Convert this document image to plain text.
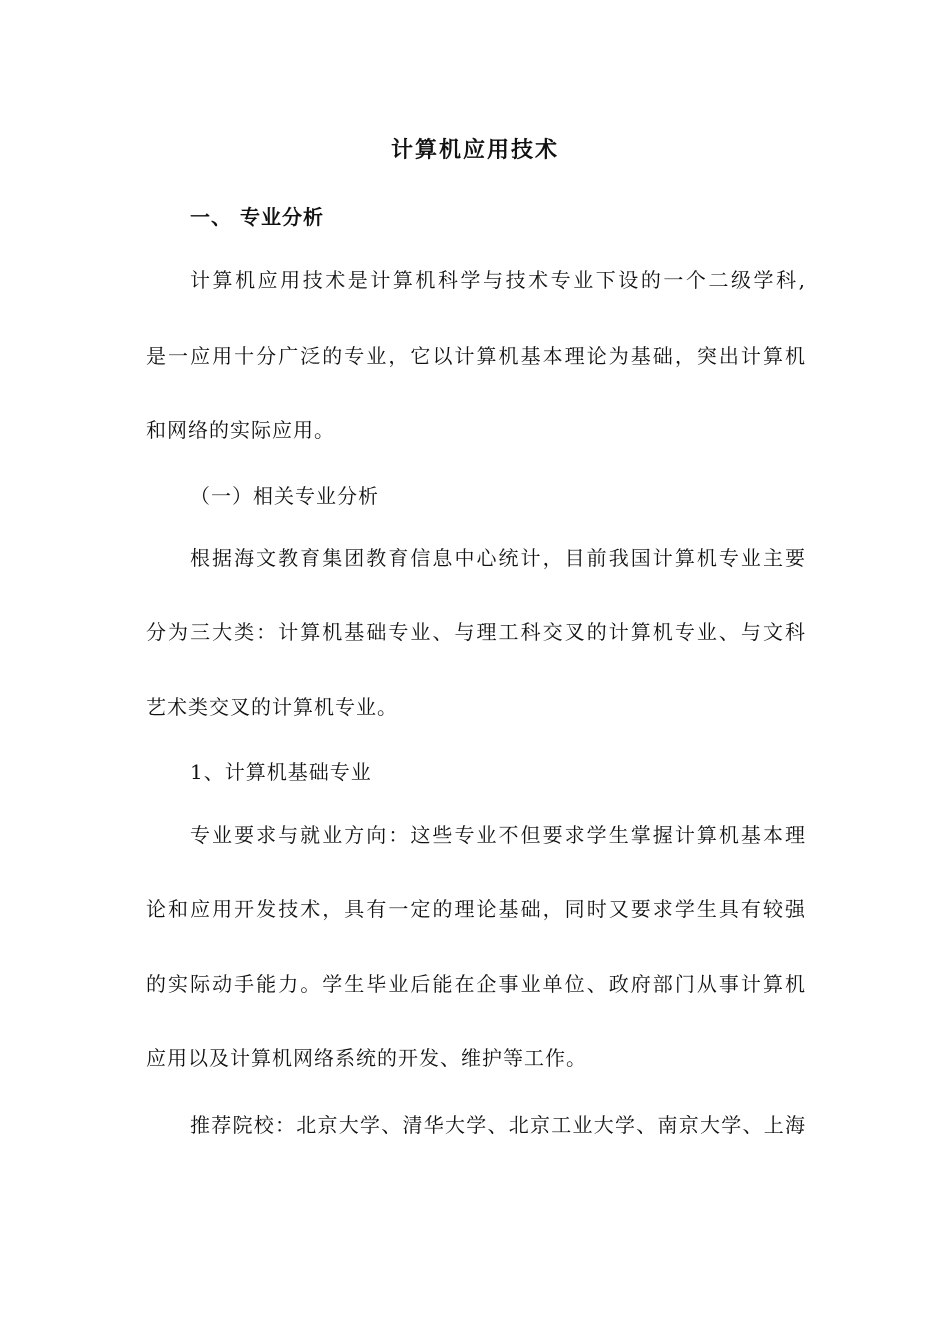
计算机应用技术
一、 专业分析
计算机应用技术是计算机科学与技术专业下设的一个二级学科,
是一应用十分广泛的专业，它以计算机基本理论为基础，突出计算机
和网络的实际应用。
（一）相关专业分析
根据海文教育集团教育信息中心统计，目前我国计算机专业主要
分为三大类：计算机基础专业、与理工科交叉的计算机专业、与文科
艺术类交叉的计算机专业。
1、计算机基础专业
专业要求与就业方向：这些专业不但要求学生掌握计算机基本理
论和应用开发技术，具有一定的理论基础，同时又要求学生具有较强
的实际动手能力。学生毕业后能在企事业单位、政府部门从事计算机
应用以及计算机网络系统的开发、维护等工作。
推荐院校：北京大学、清华大学、北京工业大学、南京大学、上海
